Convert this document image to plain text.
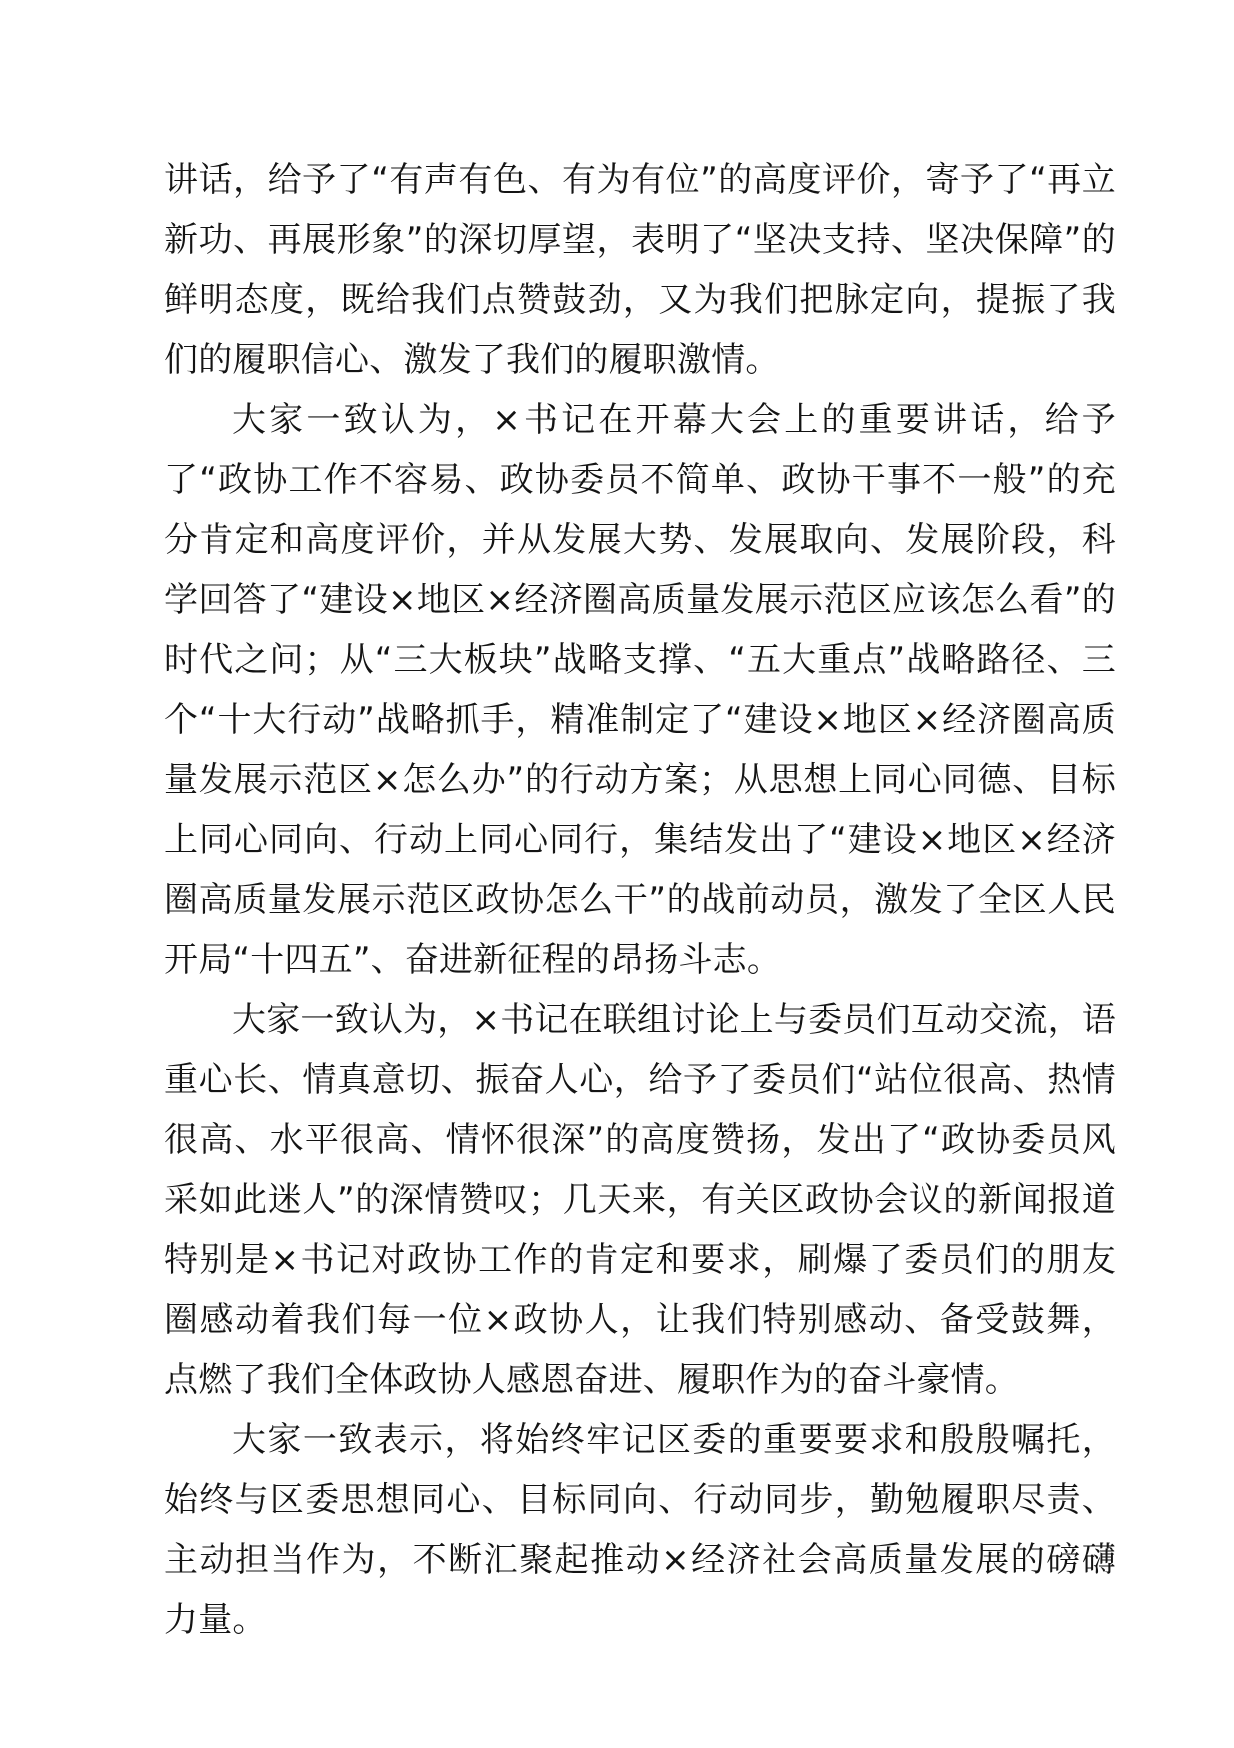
讲话，给予了“有声有色、有为有位”的高度评价，寄予了“再立新功、再展形象”的深切厚望，表明了“坚决支持、坚决保障”的鲜明态度，既给我们点赞鼓劲，又为我们把脉定向，提振了我们的履职信心、激发了我们的履职激情。

大家一致认为，×书记在开幕大会上的重要讲话，给予了“政协工作不容易、政协委员不简单、政协干事不一般”的充分肯定和高度评价，并从发展大势、发展取向、发展阶段，科学回答了“建设×地区×经济圈高质量发展示范区应该怎么看”的时代之问；从“三大板块”战略支撑、“五大重点”战略路径、三个“十大行动”战略抓手，精准制定了“建设×地区×经济圈高质量发展示范区×怎么办”的行动方案；从思想上同心同德、目标上同心同向、行动上同心同行，集结发出了“建设×地区×经济圈高质量发展示范区政协怎么干”的战前动员，激发了全区人民开局“十四五”、奋进新征程的昂扬斗志。

大家一致认为，×书记在联组讨论上与委员们互动交流，语重心长、情真意切、振奋人心，给予了委员们“站位很高、热情很高、水平很高、情怀很深”的高度赞扬，发出了“政协委员风采如此迷人”的深情赞叹；几天来，有关区政协会议的新闻报道特别是×书记对政协工作的肯定和要求，刷爆了委员们的朋友圈感动着我们每一位×政协人，让我们特别感动、备受鼓舞，点燃了我们全体政协人感恩奋进、履职作为的奋斗豪情。

大家一致表示，将始终牢记区委的重要要求和殷殷嘱托，始终与区委思想同心、目标同向、行动同步，勤勉履职尽责、主动担当作为，不断汇聚起推动×经济社会高质量发展的磅礴力量。
